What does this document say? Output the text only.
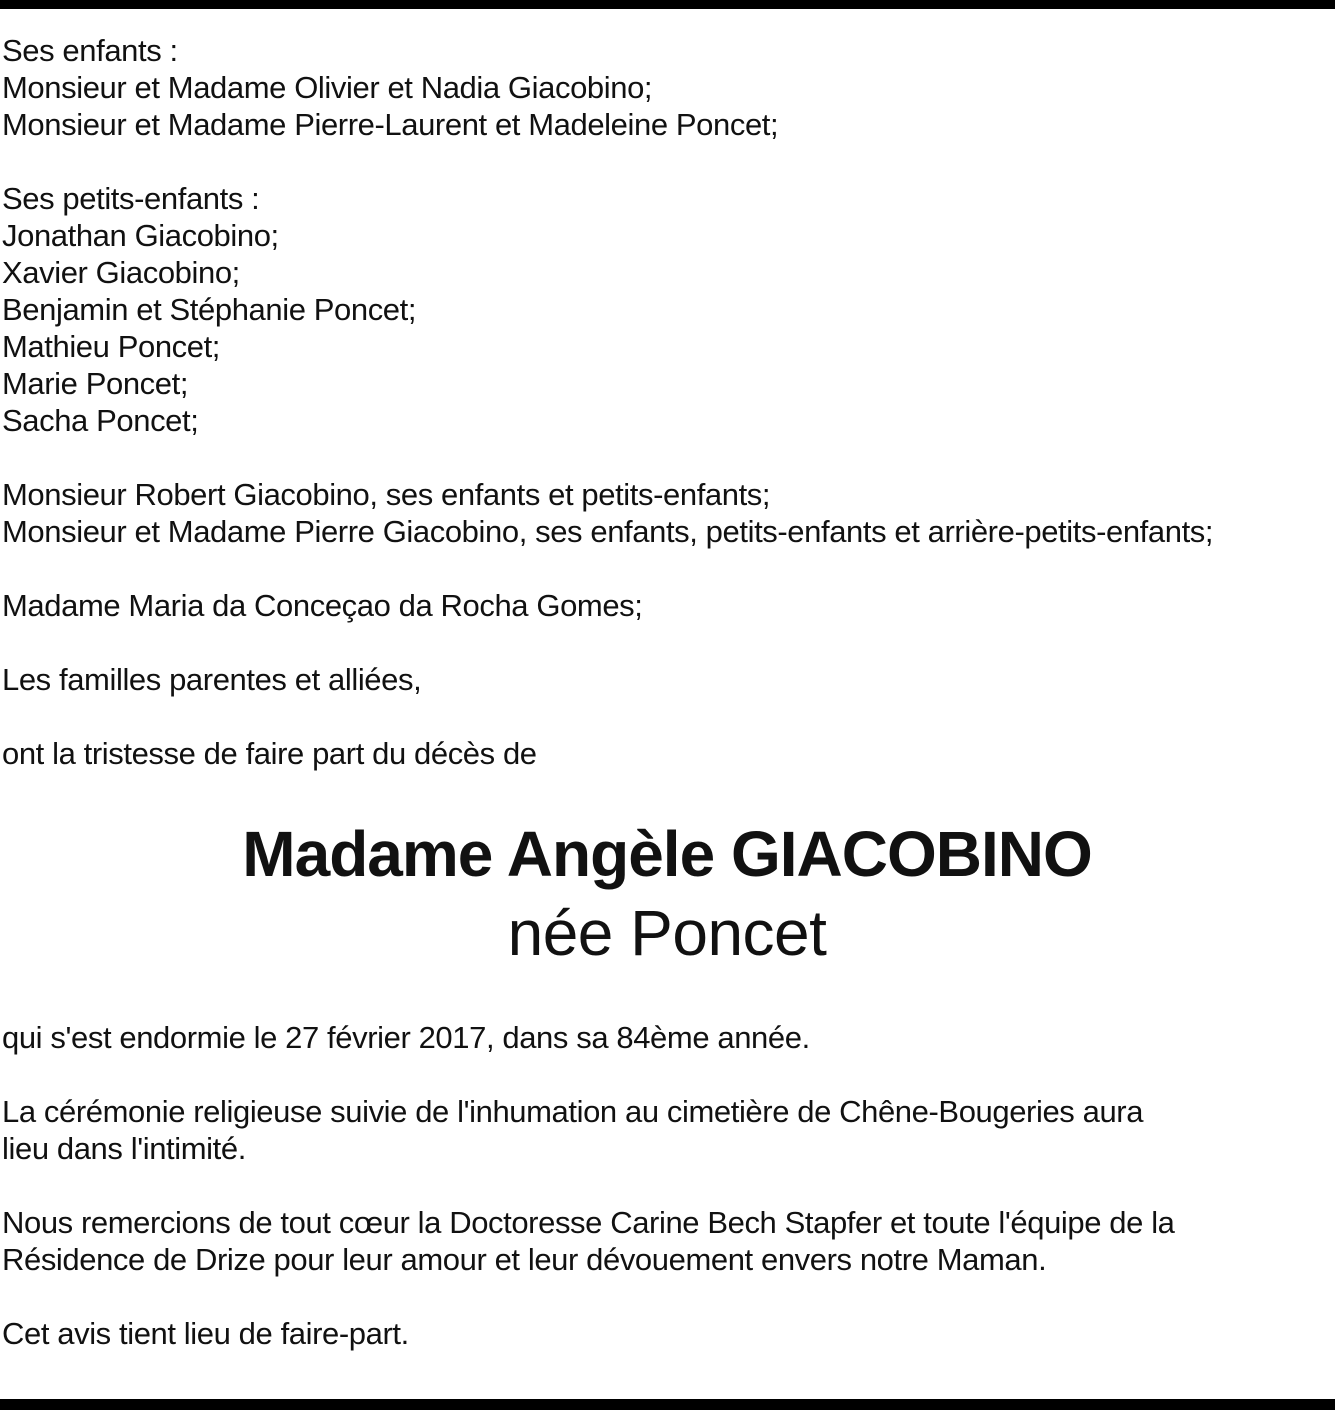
Ses enfants :
Monsieur et Madame Olivier et Nadia Giacobino;
Monsieur et Madame Pierre-Laurent et Madeleine Poncet;
Ses petits-enfants :
Jonathan Giacobino;
Xavier Giacobino;
Benjamin et Stéphanie Poncet;
Mathieu Poncet;
Marie Poncet;
Sacha Poncet;
Monsieur Robert Giacobino, ses enfants et petits-enfants;
Monsieur et Madame Pierre Giacobino, ses enfants, petits-enfants et arrière-petits-enfants;
Madame Maria da Conceçao da Rocha Gomes;
Les familles parentes et alliées,
ont la tristesse de faire part du décès de
Madame Angèle GIACOBINO
née Poncet
qui s'est endormie le 27 février 2017, dans sa 84ème année.
La cérémonie religieuse suivie de l'inhumation au cimetière de Chêne-Bougeries aura
lieu dans l'intimité.
Nous remercions de tout cœur la Doctoresse Carine Bech Stapfer et toute l'équipe de la
Résidence de Drize pour leur amour et leur dévouement envers notre Maman.
Cet avis tient lieu de faire-part.
